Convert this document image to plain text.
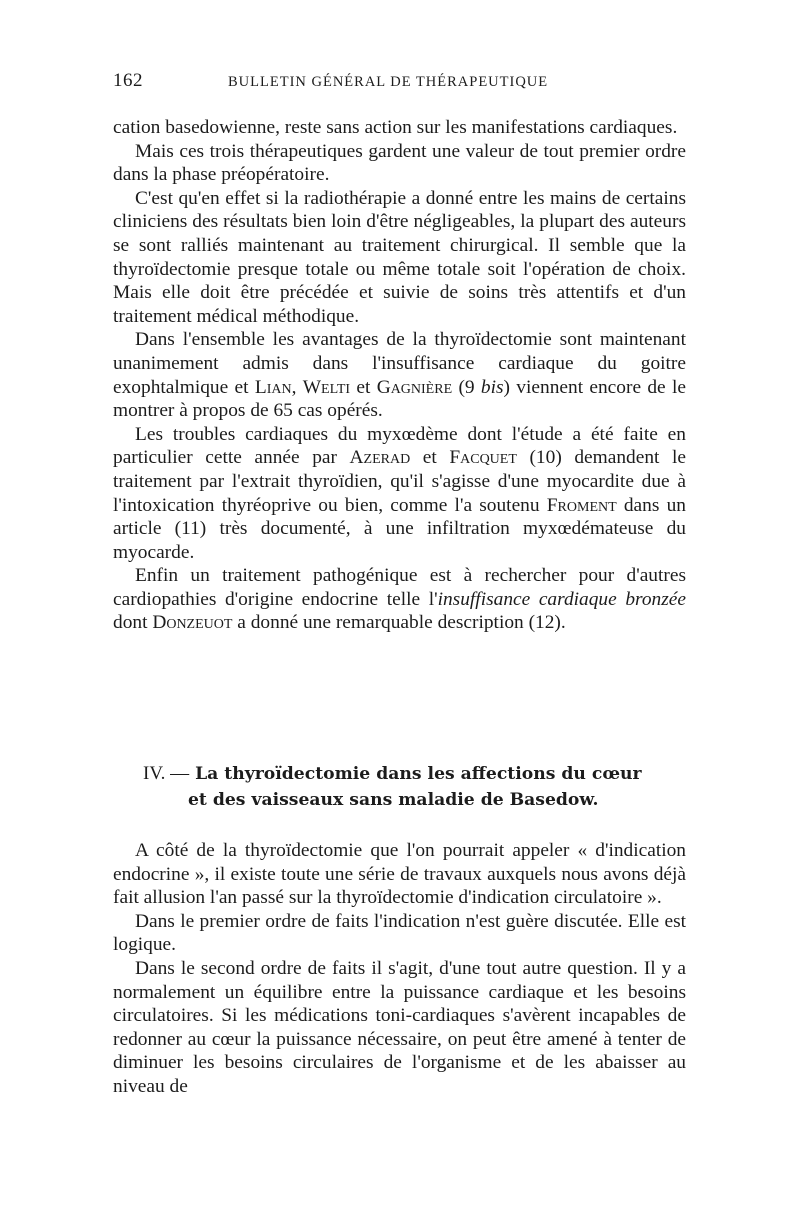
162	BULLETIN GÉNÉRAL DE THÉRAPEUTIQUE

cation basedowienne, reste sans action sur les manifestations cardiaques.

Mais ces trois thérapeutiques gardent une valeur de tout premier ordre dans la phase préopératoire.

C'est qu'en effet si la radiothérapie a donné entre les mains de certains cliniciens des résultats bien loin d'être négligeables, la plupart des auteurs se sont ralliés maintenant au traitement chirurgical. Il semble que la thyroïdectomie presque totale ou même totale soit l'opération de choix. Mais elle doit être précédée et suivie de soins très attentifs et d'un traitement médical méthodique.

Dans l'ensemble les avantages de la thyroïdectomie sont maintenant unanimement admis dans l'insuffisance cardiaque du goitre exophtalmique et Lian, Welti et Gagnière (9 bis) viennent encore de le montrer à propos de 65 cas opérés.

Les troubles cardiaques du myxœdème dont l'étude a été faite en particulier cette année par Azerad et Facquet (10) demandent le traitement par l'extrait thyroïdien, qu'il s'agisse d'une myocardite due à l'intoxication thyréoprive ou bien, comme l'a soutenu Froment dans un article (11) très documenté, à une infiltration myxœdémateuse du myocarde.

Enfin un traitement pathogénique est à rechercher pour d'autres cardiopathies d'origine endocrine telle l'insuffisance cardiaque bronzée dont Donzeuot a donné une remarquable description (12).

IV. — La thyroïdectomie dans les affections du cœur
et des vaisseaux sans maladie de Basedow.

A côté de la thyroïdectomie que l'on pourrait appeler « d'indication endocrine », il existe toute une série de travaux auxquels nous avons déjà fait allusion l'an passé sur la thyroïdectomie d'indication circulatoire ».

Dans le premier ordre de faits l'indication n'est guère discutée. Elle est logique.

Dans le second ordre de faits il s'agit, d'une tout autre question. Il y a normalement un équilibre entre la puissance cardiaque et les besoins circulatoires. Si les médications toni-cardiaques s'avèrent incapables de redonner au cœur la puissance nécessaire, on peut être amené à tenter de diminuer les besoins circulaires de l'organisme et de les abaisser au niveau de
